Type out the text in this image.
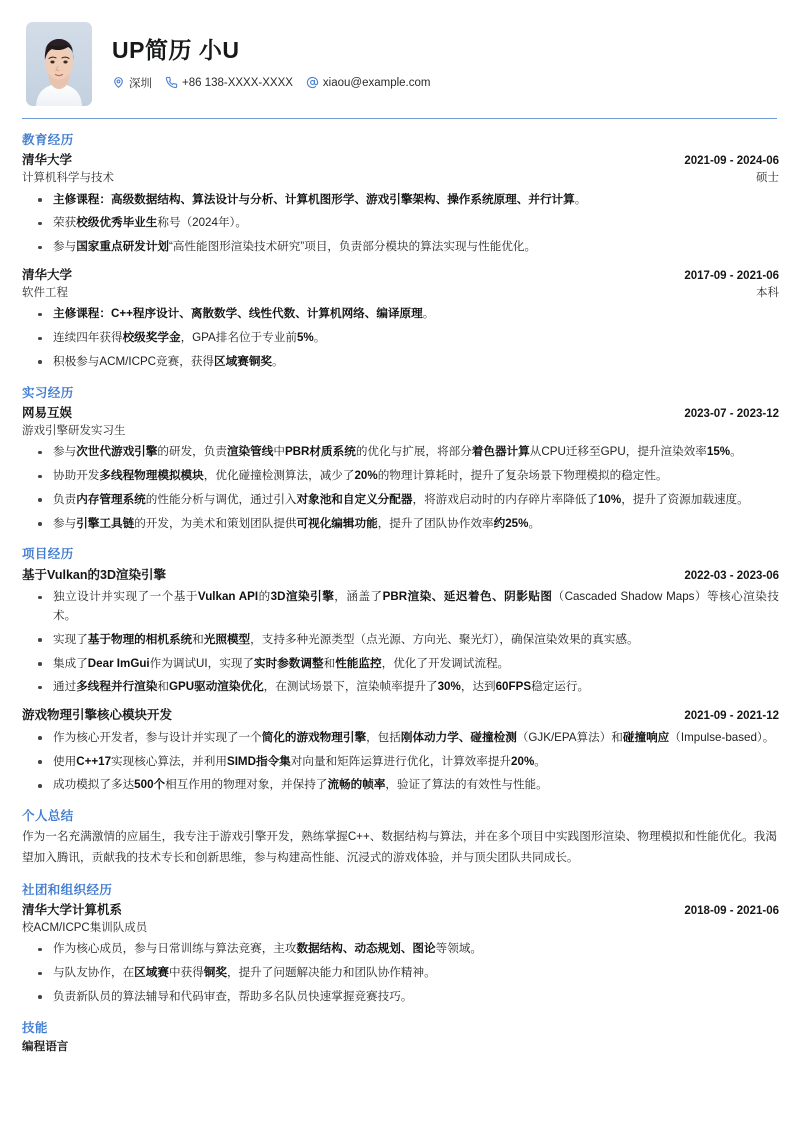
UP简历 小U
深圳	+86 138-XXXX-XXXX	xiaou@example.com
教育经历
清华大学	2021-09 - 2024-06
计算机科学与技术	硕士
主修课程：高级数据结构、算法设计与分析、计算机图形学、游戏引擎架构、操作系统原理、并行计算。
荣获校级优秀毕业生称号（2024年）。
参与国家重点研发计划“高性能图形渲染技术研究”项目，负责部分模块的算法实现与性能优化。
清华大学	2017-09 - 2021-06
软件工程	本科
主修课程：C++程序设计、离散数学、线性代数、计算机网络、编译原理。
连续四年获得校级奖学金，GPA排名位于专业前5%。
积极参与ACM/ICPC竞赛，获得区域赛铜奖。
实习经历
网易互娱	2023-07 - 2023-12
游戏引擎研发实习生
参与次世代游戏引擎的研发，负责渲染管线中PBR材质系统的优化与扩展，将部分着色器计算从CPU迁移至GPU，提升渲染效率15%。
协助开发多线程物理模拟模块，优化碰撞检测算法，减少了20%的物理计算耗时，提升了复杂场景下物理模拟的稳定性。
负责内存管理系统的性能分析与调优，通过引入对象池和自定义分配器，将游戏启动时的内存碎片率降低了10%，提升了资源加载速度。
参与引擎工具链的开发，为美术和策划团队提供可视化编辑功能，提升了团队协作效率约25%。
项目经历
基于Vulkan的3D渲染引擎	2022-03 - 2023-06
独立设计并实现了一个基于Vulkan API的3D渲染引擎，涵盖了PBR渲染、延迟着色、阴影贴图（Cascaded Shadow Maps）等核心渲染技术。
实现了基于物理的相机系统和光照模型，支持多种光源类型（点光源、方向光、聚光灯），确保渲染效果的真实感。
集成了Dear ImGui作为调试UI，实现了实时参数调整和性能监控，优化了开发调试流程。
通过多线程并行渲染和GPU驱动渲染优化，在测试场景下，渲染帧率提升了30%，达到60FPS稳定运行。
游戏物理引擎核心模块开发	2021-09 - 2021-12
作为核心开发者，参与设计并实现了一个简化的游戏物理引擎，包括刚体动力学、碰撞检测（GJK/EPA算法）和碰撞响应（Impulse-based）。
使用C++17实现核心算法，并利用SIMD指令集对向量和矩阵运算进行优化，计算效率提升20%。
成功模拟了多达500个相互作用的物理对象，并保持了流畅的帧率，验证了算法的有效性与性能。
个人总结
作为一名充满激情的应届生，我专注于游戏引擎开发，熟练掌握C++、数据结构与算法，并在多个项目中实践图形渲染、物理模拟和性能优化。我渴望加入腾讯，贡献我的技术专长和创新思维，参与构建高性能、沉浸式的游戏体验，并与顶尖团队共同成长。
社团和组织经历
清华大学计算机系	2018-09 - 2021-06
校ACM/ICPC集训队成员
作为核心成员，参与日常训练与算法竞赛，主攻数据结构、动态规划、图论等领域。
与队友协作，在区域赛中获得铜奖，提升了问题解决能力和团队协作精神。
负责新队员的算法辅导和代码审查，帮助多名队员快速掌握竞赛技巧。
技能
编程语言
